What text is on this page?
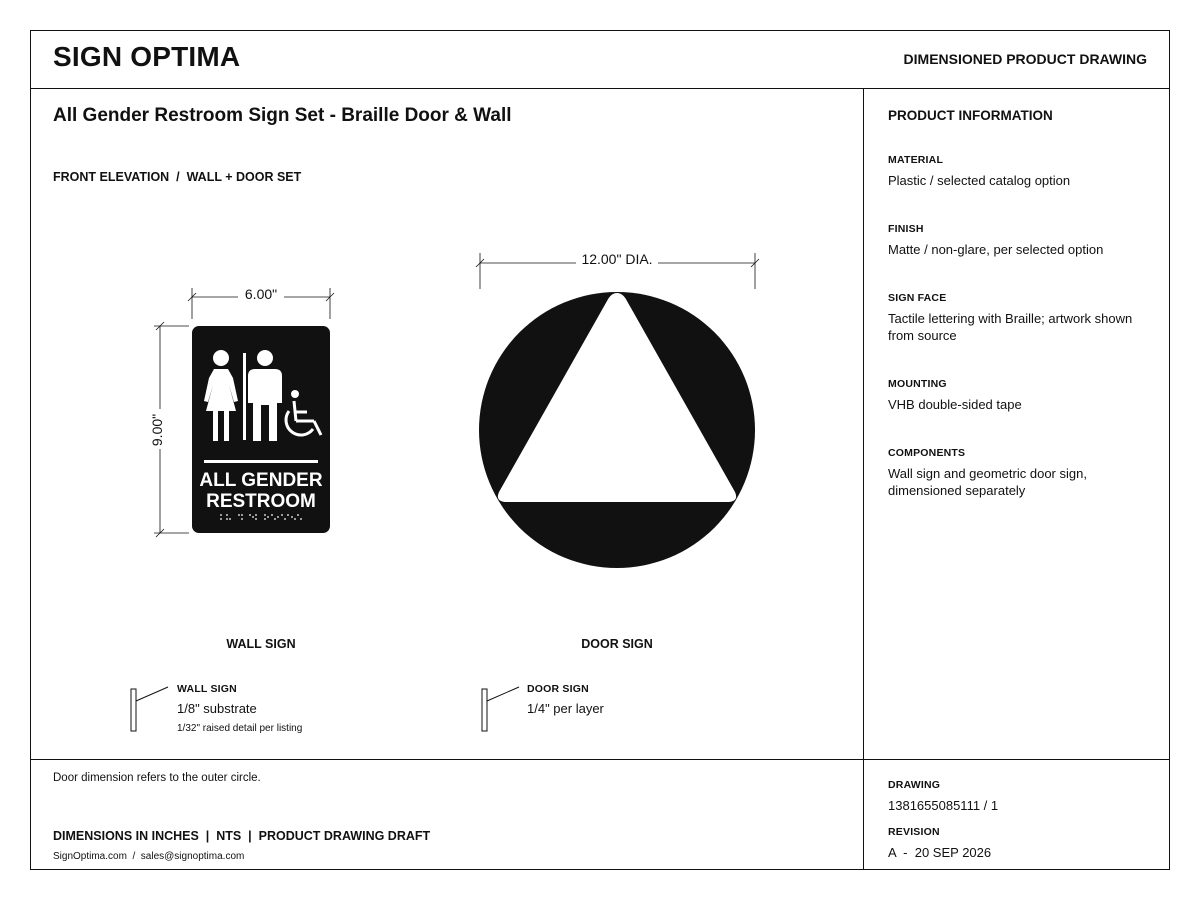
SIGN OPTIMA	DIMENSIONED PRODUCT DRAWING
All Gender Restroom Sign Set - Braille Door & Wall
FRONT ELEVATION  /  WALL + DOOR SET
6.00"
9.00"
ALL GENDER
RESTROOM
12.00" DIA.
WALL SIGN	DOOR SIGN
WALL SIGN
1/8" substrate
1/32" raised detail per listing
DOOR SIGN
1/4" per layer
PRODUCT INFORMATION
MATERIAL
Plastic / selected catalog option
FINISH
Matte / non-glare, per selected option
SIGN FACE
Tactile lettering with Braille; artwork shown from source
MOUNTING
VHB double-sided tape
COMPONENTS
Wall sign and geometric door sign, dimensioned separately
Door dimension refers to the outer circle.
DIMENSIONS IN INCHES  |  NTS  |  PRODUCT DRAWING DRAFT
SignOptima.com  /  sales@signoptima.com
DRAWING
1381655085111 / 1
REVISION
A  -  20 SEP 2026
